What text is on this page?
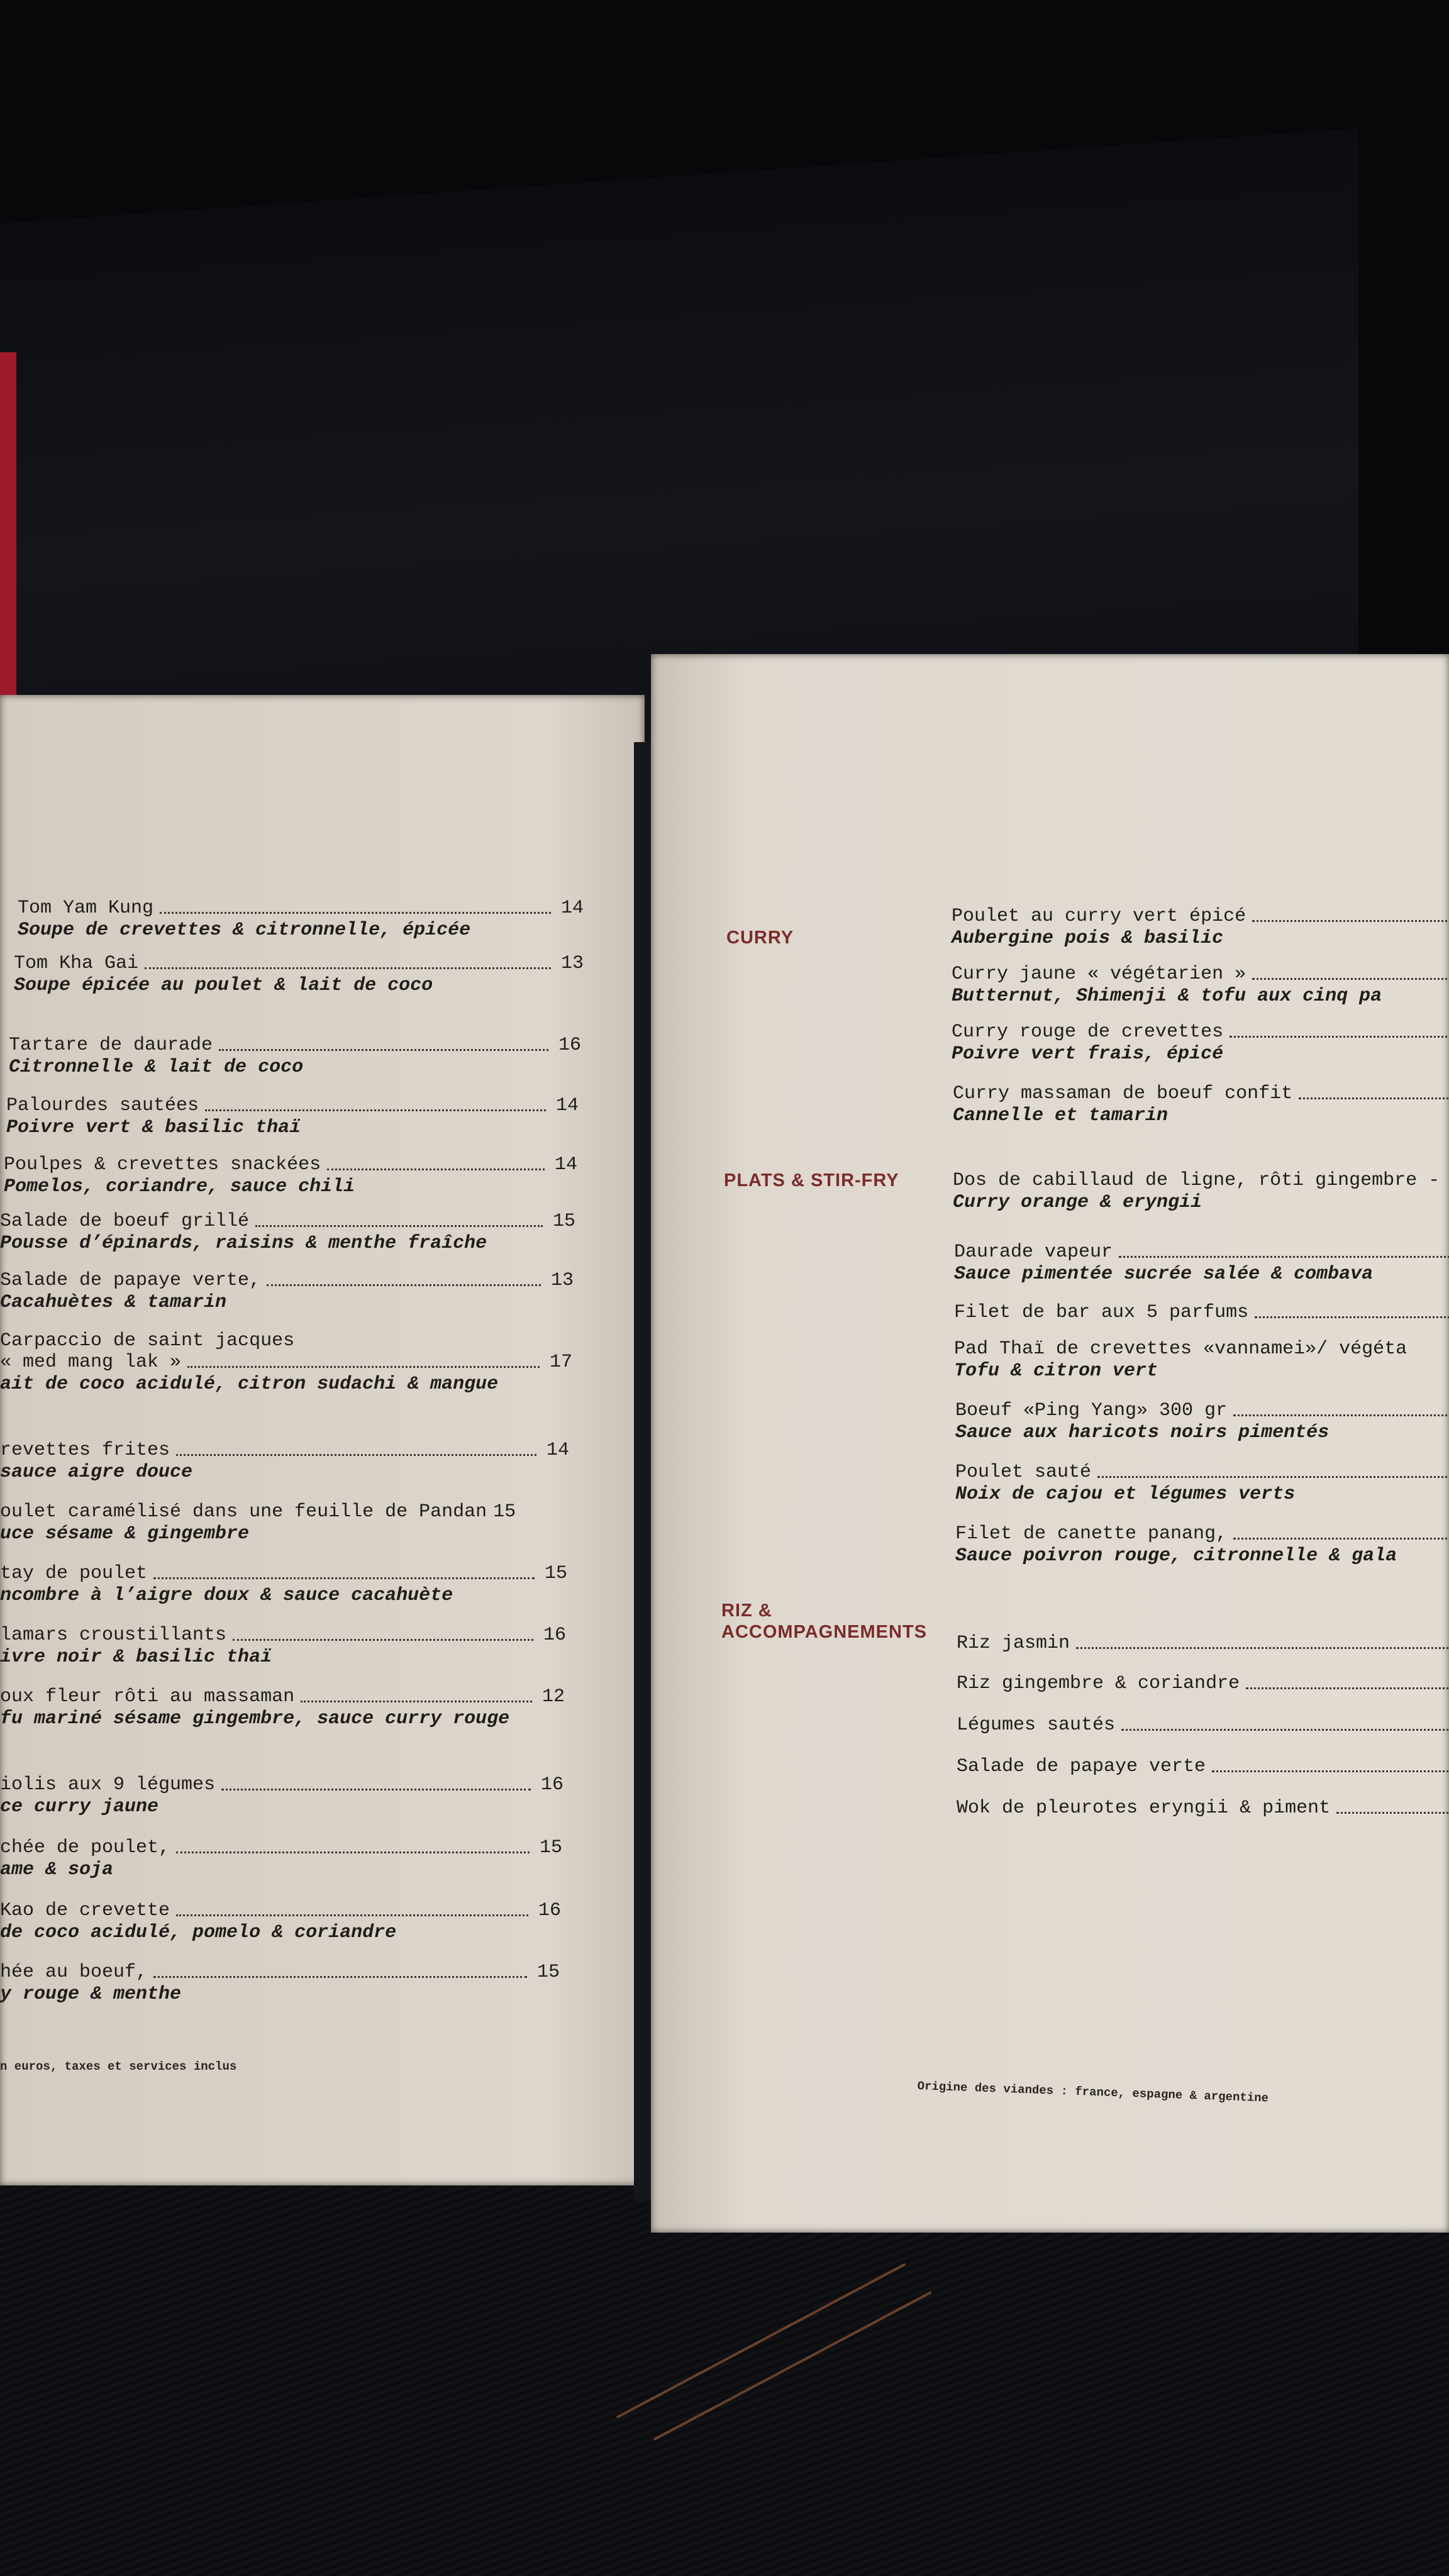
Tom Yam Kung	14
Soupe de crevettes & citronnelle, épicée
Tom Kha Gai	13
Soupe épicée au poulet & lait de coco
Tartare de daurade	16
Citronnelle & lait de coco
Palourdes sautées	14
Poivre vert & basilic thaï
Poulpes & crevettes snackées	14
Pomelos, coriandre, sauce chili
Salade de boeuf grillé	15
Pousse d’épinards, raisins & menthe fraîche
Salade de papaye verte,	13
Cacahuètes & tamarin
Carpaccio de saint jacques
« med mang lak »	17
ait de coco acidulé, citron sudachi & mangue
revettes frites	14
sauce aigre douce
oulet caramélisé dans une feuille de Pandan 15
uce sésame & gingembre
tay de poulet	15
ncombre à l’aigre doux & sauce cacahuète
lamars croustillants	16
ivre noir & basilic thaï
oux fleur rôti au massaman	12
fu mariné sésame gingembre, sauce curry rouge
iolis aux 9 légumes	16
ce curry jaune
chée de poulet,	15
ame & soja
Kao de crevette	16
de coco acidulé, pomelo & coriandre
hée au boeuf,	15
y rouge & menthe
n euros, taxes et services inclus
CURRY
PLATS & STIR-FRY
RIZ &
ACCOMPAGNEMENTS
Poulet au curry vert épicé
Aubergine pois & basilic
Curry jaune « végétarien »
Butternut, Shimenji & tofu aux cinq pa
Curry rouge de crevettes
Poivre vert frais, épicé
Curry massaman de boeuf confit
Cannelle et tamarin
Dos de cabillaud de ligne, rôti gingembre -
Curry orange & eryngii
Daurade vapeur
Sauce pimentée sucrée salée & combava
Filet de bar aux 5 parfums
Pad Thaï de crevettes «vannamei»/ végéta
Tofu & citron vert
Boeuf «Ping Yang» 300 gr
Sauce aux haricots noirs pimentés
Poulet sauté
Noix de cajou et légumes verts
Filet de canette panang,
Sauce poivron rouge, citronnelle & gala
Riz jasmin
Riz gingembre & coriandre
Légumes sautés
Salade de papaye verte
Wok de pleurotes eryngii & piment
Origine des viandes : france, espagne & argentine
